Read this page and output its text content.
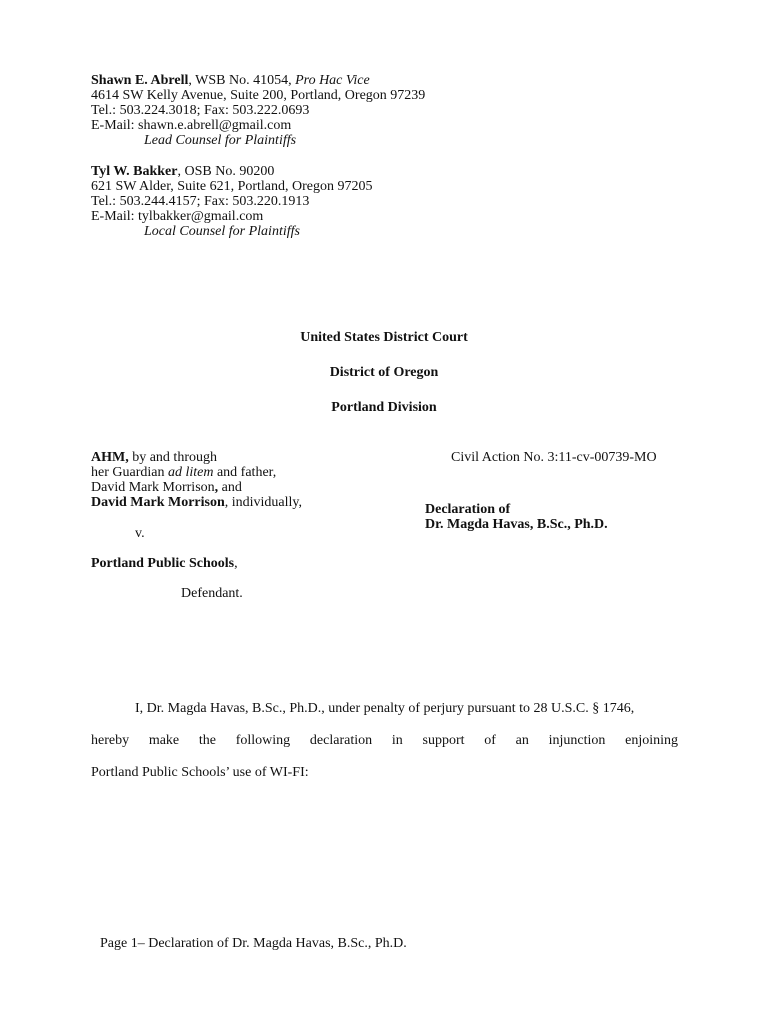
Shawn E. Abrell, WSB No. 41054, Pro Hac Vice
4614 SW Kelly Avenue, Suite 200, Portland, Oregon 97239
Tel.: 503.224.3018; Fax: 503.222.0693
E-Mail: shawn.e.abrell@gmail.com
Lead Counsel for Plaintiffs
Tyl W. Bakker, OSB No. 90200
621 SW Alder, Suite 621, Portland, Oregon 97205
Tel.: 503.244.4157; Fax: 503.220.1913
E-Mail: tylbakker@gmail.com
Local Counsel for Plaintiffs
United States District Court
District of Oregon
Portland Division
AHM, by and through
her Guardian ad litem and father,
David Mark Morrison, and
David Mark Morrison, individually,
v.
Portland Public Schools,
Defendant.
Civil Action No. 3:11-cv-00739-MO
Declaration of
Dr. Magda Havas, B.Sc., Ph.D.
I, Dr. Magda Havas, B.Sc., Ph.D., under penalty of perjury pursuant to 28 U.S.C. § 1746,
hereby make the following declaration in support of an injunction enjoining
Portland Public Schools’ use of WI-FI:
Page 1– Declaration of Dr. Magda Havas, B.Sc., Ph.D.
